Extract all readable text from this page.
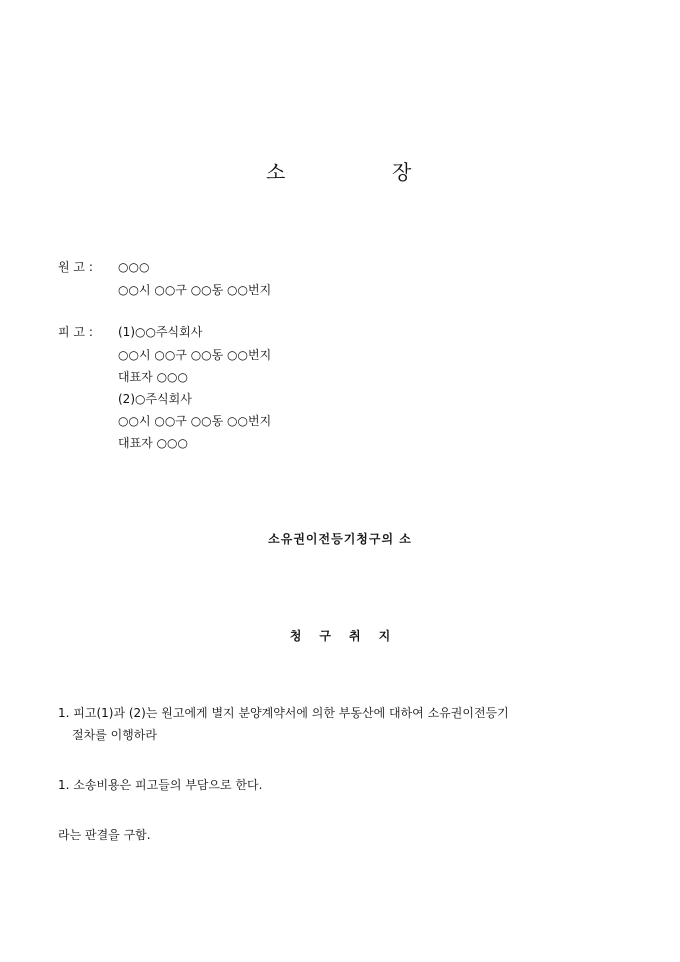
소	장
원 고 : ○○○
○○시 ○○구 ○○동 ○○번지
피 고 : (1)○○주식회사
○○시 ○○구 ○○동 ○○번지
대표자 ○○○
(2)○주식회사
○○시 ○○구 ○○동 ○○번지
대표자 ○○○
소유권이전등기청구의 소
청 구 취 지
1. 피고(1)과 (2)는 원고에게 별지 분양계약서에 의한 부동산에 대하여 소유권이전등기
절차를 이행하라
1. 소송비용은 피고들의 부담으로 한다.
라는 판결을 구함.
